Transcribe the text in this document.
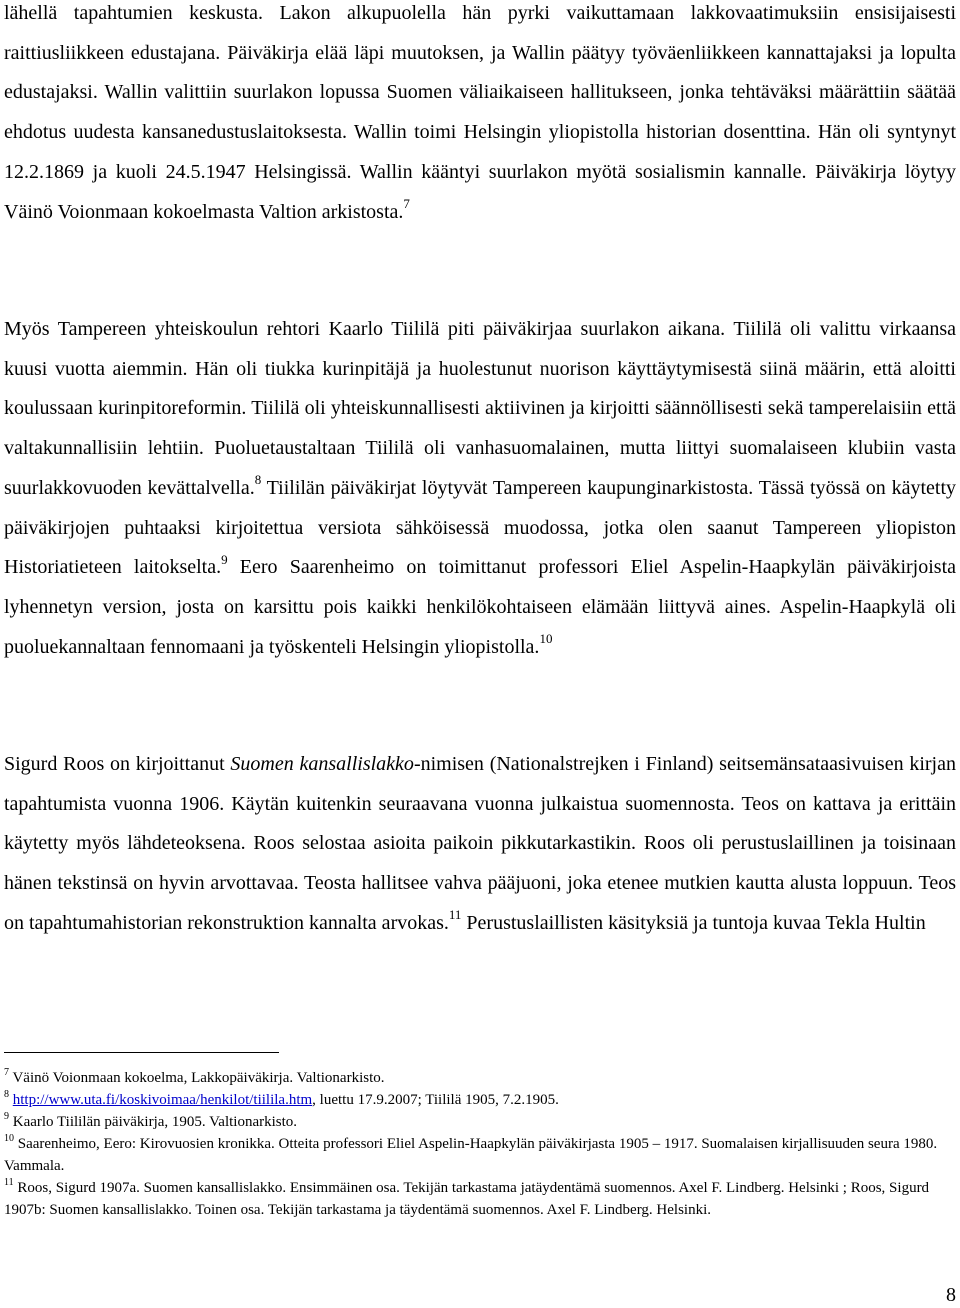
lähellä tapahtumien keskusta. Lakon alkupuolella hän pyrki vaikuttamaan lakkovaatimuksiin ensisijaisesti raittiusliikkeen edustajana. Päiväkirja elää läpi muutoksen, ja Wallin päätyy työväenliikkeen kannattajaksi ja lopulta edustajaksi. Wallin valittiin suurlakon lopussa Suomen väliaikaiseen hallitukseen, jonka tehtäväksi määrättiin säätää ehdotus uudesta kansanedustuslaitoksesta. Wallin toimi Helsingin yliopistolla historian dosenttina. Hän oli syntynyt 12.2.1869 ja kuoli 24.5.1947 Helsingissä. Wallin kääntyi suurlakon myötä sosialismin kannalle. Päiväkirja löytyy Väinö Voionmaan kokoelmasta Valtion arkistosta.$^7$

Myös Tampereen yhteiskoulun rehtori Kaarlo Tiililä piti päiväkirjaa suurlakon aikana. Tiililä oli valittu virkaansa kuusi vuotta aiemmin. Hän oli tiukka kurinpitäjä ja huolestunut nuorison käyttäytymisestä siinä määrin, että aloitti koulussaan kurinpitoreformin. Tiililä oli yhteiskunnallisesti aktiivinen ja kirjoitti säännöllisesti sekä tamperelaisiin että valtakunnallisiin lehtiin. Puoluetaustaltaan Tiililä oli vanhasuomalainen, mutta liittyi suomalaiseen klubiin vasta suurlakkovuoden kevättalvella.$^8$ Tiililän päiväkirjat löytyvät Tampereen kaupunginarkistosta. Tässä työssä on käytetty päiväkirjojen puhtaaksi kirjoitettua versiota sähköisessä muodossa, jotka olen saanut Tampereen yliopiston Historiatieteen laitokselta.$^9$ Eero Saarenheimo on toimittanut professori Eliel Aspelin-Haapkylän päiväkirjoista lyhennetyn version, josta on karsittu pois kaikki henkilökohtaiseen elämään liittyvä aines. Aspelin-Haapkylä oli puoluekannaltaan fennomaani ja työskenteli Helsingin yliopistolla.$^{10}$

Sigurd Roos on kirjoittanut Suomen kansallislakko-nimisen (Nationalstrejken i Finland) seitsemänsataasivuisen kirjan tapahtumista vuonna 1906. Käytän kuitenkin seuraavana vuonna julkaistua suomennosta. Teos on kattava ja erittäin käytetty myös lähdeteoksena. Roos selostaa asioita paikoin pikkutarkastikin. Roos oli perustuslaillinen ja toisinaan hänen tekstinsä on hyvin arvottavaa. Teosta hallitsee vahva pääjuoni, joka etenee mutkien kautta alusta loppuun. Teos on tapahtumahistorian rekonstruktion kannalta arvokas.$^{11}$ Perustuslaillisten käsityksiä ja tuntoja kuvaa Tekla Hultin

$^7$ Väinö Voionmaan kokoelma, Lakkopäiväkirja. Valtionarkisto.
$^8$ http://www.uta.fi/koskivoimaa/henkilot/tiilila.htm, luettu 17.9.2007; Tiililä 1905, 7.2.1905.
$^9$ Kaarlo Tiililän päiväkirja, 1905. Valtionarkisto.
$^{10}$ Saarenheimo, Eero: Kirovuosien kronikka. Otteita professori Eliel Aspelin-Haapkylän päiväkirjasta 1905 – 1917. Suomalaisen kirjallisuuden seura 1980. Vammala.
$^{11}$ Roos, Sigurd 1907a. Suomen kansallislakko. Ensimmäinen osa. Tekijän tarkastama jatäydentämä suomennos. Axel F. Lindberg. Helsinki ; Roos, Sigurd 1907b: Suomen kansallislakko. Toinen osa. Tekijän tarkastama ja täydentämä suomennos. Axel F. Lindberg. Helsinki.
8
